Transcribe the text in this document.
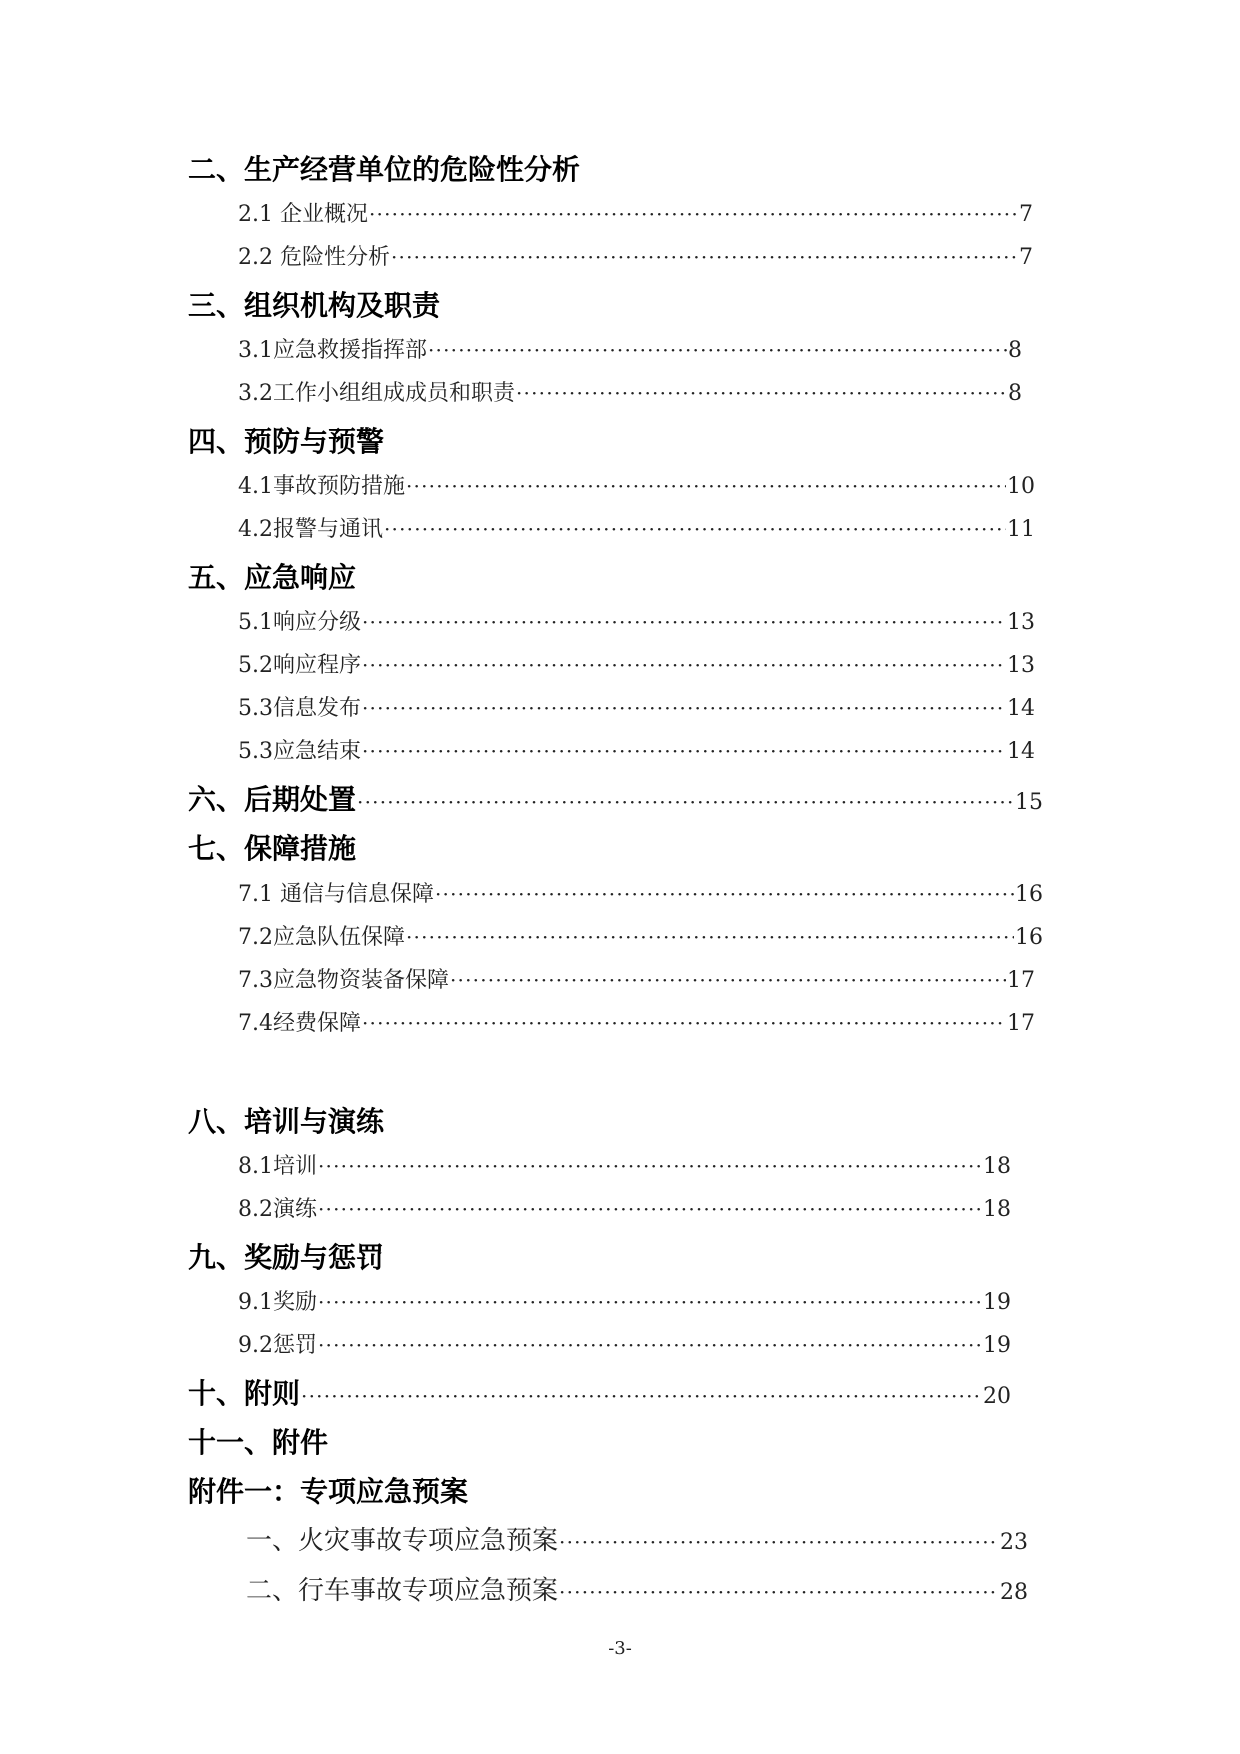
二、生产经营单位的危险性分析
2.1 企业概况 ·····	7
2.2 危险性分析 ·····	7
三、组织机构及职责
3.1应急救援指挥部 ·····	8
3.2工作小组组成成员和职责 ·····	8
四、预防与预警
4.1事故预防措施 ·····	10
4.2报警与通讯 ·····	11
五、应急响应
5.1响应分级 ·····	13
5.2响应程序 ·····	13
5.3信息发布 ·····	14
5.3应急结束 ·····	14
六、后期处置 ·····	15
七、保障措施
7.1 通信与信息保障 ·····	16
7.2应急队伍保障 ·····	16
7.3应急物资装备保障 ·····	17
7.4经费保障 ·····	17
八、培训与演练
8.1培训 ·····	18
8.2演练 ·····	18
九、奖励与惩罚
9.1奖励 ·····	19
9.2惩罚 ·····	19
十、附则 ·····	20
十一、附件
附件一：专项应急预案
一、火灾事故专项应急预案 ·····	23
二、行车事故专项应急预案 ·····	28
-3-
